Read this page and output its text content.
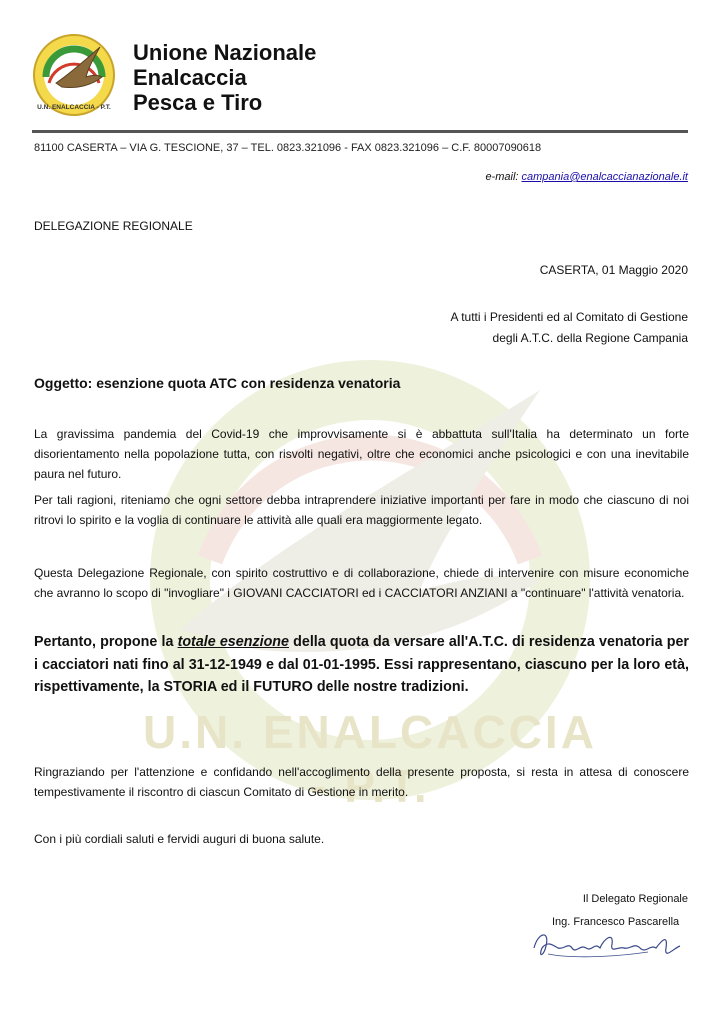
U.N. ENALCACCIA - P.T.
U.N. ENALCACCIA - P.T.
Unione Nazionale
Enalcaccia
Pesca e Tiro
81100 CASERTA – VIA G. TESCIONE, 37 – TEL. 0823.321096 - FAX 0823.321096 – C.F. 80007090618
e-mail: campania@enalcaccianazionale.it
DELEGAZIONE REGIONALE
CASERTA, 01 Maggio 2020
A tutti i Presidenti ed al Comitato di Gestione
degli A.T.C. della Regione Campania
Oggetto: esenzione quota ATC con residenza venatoria
La gravissima pandemia del Covid-19 che improvvisamente si è abbattuta sull'Italia ha determinato un forte disorientamento nella popolazione tutta, con risvolti negativi, oltre che economici anche psicologici e con una inevitabile paura nel futuro.
Per tali ragioni, riteniamo che ogni settore debba intraprendere iniziative importanti per fare in modo che ciascuno di noi ritrovi lo spirito e la voglia di continuare le attività alle quali era maggiormente legato.
Questa Delegazione Regionale, con spirito costruttivo e di collaborazione, chiede di intervenire con misure economiche che avranno lo scopo di "invogliare" i GIOVANI CACCIATORI ed i CACCIATORI ANZIANI a "continuare" l'attività venatoria.
Pertanto, propone la totale esenzione della quota da versare all'A.T.C. di residenza venatoria per i cacciatori nati fino al 31-12-1949 e dal 01-01-1995. Essi rappresentano, ciascuno per la loro età, rispettivamente, la STORIA ed il FUTURO delle nostre tradizioni.
Ringraziando per l'attenzione e confidando nell'accoglimento della presente proposta, si resta in attesa di conoscere tempestivamente il riscontro di ciascun Comitato di Gestione in merito.
Con i più cordiali saluti e fervidi auguri di buona salute.
Il Delegato Regionale
Ing. Francesco Pascarella
